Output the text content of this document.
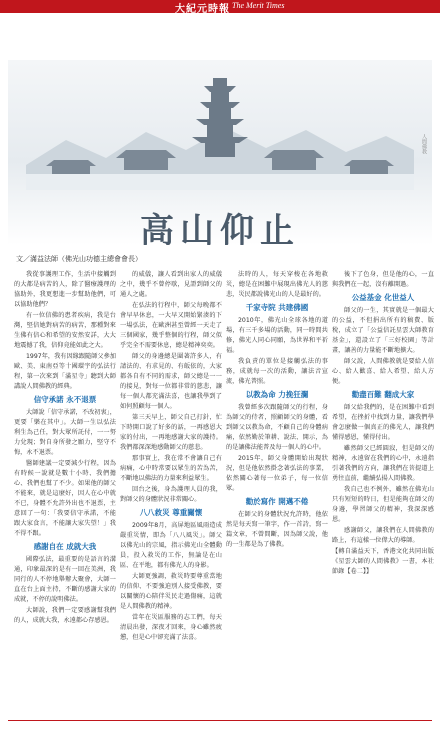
大紀元時報 The Merit Times
高山仰止
人間佛教
文／滿益法師（佛光山功德主總會會長）

我從事護理工作，生活中接觸到的大都是病苦的人，除了醫療護理的協助外，我更想進一步幫助他們，可以協助他們？

有一位信佛的患者疾病，我是台灣，堅信她對病苦的病苦，那種對來生佛有信心和希望的安然安詳，大大地震撼了我，信仰竟能如此之大。

1997年，我有因緣跟隨師父參加歐、美、東南亞等十國環宇的弘法行程，第一次來到「滿星寺」聽到大師講說人間佛教的經典。

信守承諾 永不退票

大師說「信守承諾，不改初衷」，更要「樂在其中」。大師一生以弘法利生為己任，對大眾所託付，一一努力兌現；對自身所發之願力，堅守不悔，永不退票。

醫師建議一定要減少行程，因為有時候一說就是數十小時、我們擔心、我們也幫了不少。如果他的師父不能來，就是這麼好，因人在心中就不已，身體不允許外出也不退票，主意回了一句：「我要信守承諾，不能跟大家食言，不能讓大家失望！」我不得不跟。

感謝自在 成就大我

國際弘法，最重要的是語言的溝通，印象最深的是有一回在美洲，我同行的人不停地舉辦大聚會，大師一直在台上面主持，不斷的感謝大家的成就，不停的說明佛法。

大師說，我們一定要感謝幫我們的人，成就大我，永遠都心存感恩。

的威儀，讓人看到出家人的威儀之中，幾乎不曾停歇，見證到師父的通人之處。

在弘法的行程中，師父每晚都不會早早休息，一大早又開始緊湊的下一場弘法，在歐洲甚至曾經一天走了三個國家，幾乎整個的行程，師父似乎完全不需要休息，總是精神奕奕。

師父的身邊總是圍著許多人，有請法的、有求見的、有皈依的，大家都各自有不同的需求，師父總是一一的接見，對每一位都非常的慈悲，讓每一個人都充滿法喜，也讓我學到了如何照顧每一個人。

第三天早上，師父自己打針，忙下時開口說了好多的話，一再感恩大家的付出，一再地感謝大家的護持。我們都深深地感動師父的慈悲。

那事實上，我在常不會讓自己有病痛，心中時常要以眾生的苦為苦，不斷地以佛法的力量來利益眾生。

回台之後，身為護理人員的我，對師父的身體狀況非常關心。

八八救災 尊重關懷

2009年8月，高屏地區風雨造成嚴重災情，即為「八八風災」。師父以佛光山的宗風，指示佛光山全體動員，投入救災的工作，無論是在山區、在平地，都有佛光人的身影。

大師更強調，救災時要尊重當地的信仰、不要強迫別人接受佛教，要以關懷的心陪伴災民走過傷痛，這就是人間佛教的精神。

當年在災區服務的志工們，每天清晨出發，深夜才回來，身心雖然疲憊，但是心中卻充滿了法喜。

法時的人，每天穿梭在各地救災，總是在困難中展現出佛光人的慈悲，災民都說佛光山的人是最好的。

千家寺院 共建佛國

2010年，佛光山全球各地的道場，有三千多場的活動，同一時間共修，佛光人同心同願，為世界和平祈福。

我負責的單位是接觸弘法的事務，成就每一次的活動，讓法音宣流，佛光普照。

以教為命 力挽狂瀾

我曾經多次跟隨師父的行程，身為師父的侍者，照顧師父的身體，看到師父以教為命，不顧自己的身體病痛，依然勤於筆耕、說法、開示，為的是讓佛法能普及每一個人的心中。

2015年，師父身體開始出現狀況，但是他依然掛念著弘法的事業，依然關心著每一位弟子，每一位信眾。

勸於寫作 開邁不倦

在師父的身體狀況允許時，他依然是每天寫一筆字，作一首詩，寫一篇文章，不曾間斷，因為師父說，他的一生都是為了佛教。

後下了色身，但是他的心，一直與我們在一起，沒有離開過。

公益基金 化世益人

師父的一生，其實就是一個最大的公益，不但捐出所有的稿費、版稅，成立了「公益信託星雲大師教育基金」，還設立了「三好校園」等計畫，讓善的力量能不斷地擴大。

師父說，人間佛教就是要給人信心、給人歡喜、給人希望、給人方便。

勸盡百難 翻成大家

師父給我們的，是在困難中看到希望，在挫折中找到力量，讓我們學會怎麼做一個真正的佛光人，讓我們懂得感恩，懂得付出。

雖然師父已經圓寂，但是師父的精神，永遠留在我們的心中，永遠指引著我們的方向，讓我們在菩提道上勇往直前，繼續弘揚人間佛教。

我自己也不例外，雖然在佛光山只有短短的時日，但是能夠在師父的身邊，學習師父的精神，我深深感恩。

感謝師父，讓我們在人間佛教的路上，有這樣一位偉大的導師。

【轉自滿益天下，香港文化共同出版《星雲大師的人間佛教》一書，本社節錄【卷二】】
